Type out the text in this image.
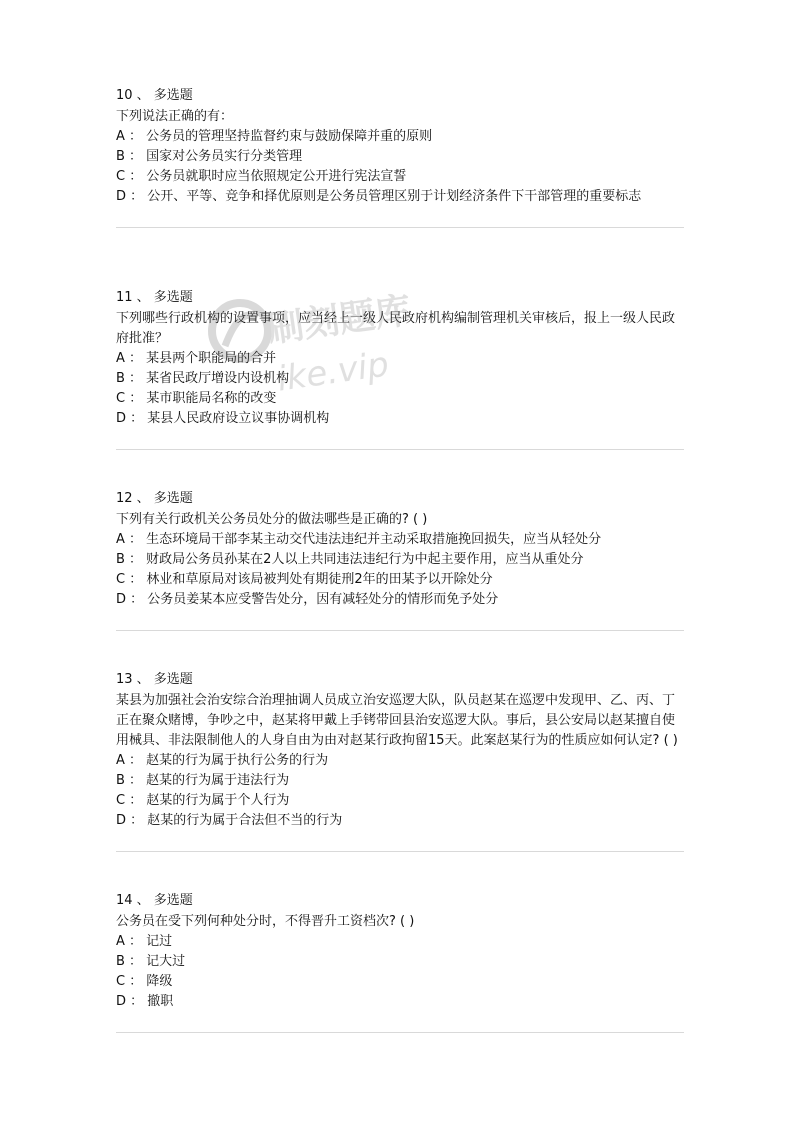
10 、 多选题
下列说法正确的有：
A ： 公务员的管理坚持监督约束与鼓励保障并重的原则
B ： 国家对公务员实行分类管理
C ： 公务员就职时应当依照规定公开进行宪法宣誓
D ： 公开、平等、竞争和择优原则是公务员管理区别于计划经济条件下干部管理的重要标志
11 、 多选题
下列哪些行政机构的设置事项，应当经上一级人民政府机构编制管理机关审核后，报上一级人民政府批准？
A ： 某县两个职能局的合并
B ： 某省民政厅增设内设机构
C ： 某市职能局名称的改变
D ： 某县人民政府设立议事协调机构
12 、 多选题
下列有关行政机关公务员处分的做法哪些是正确的? ( )
A ： 生态环境局干部李某主动交代违法违纪并主动采取措施挽回损失，应当从轻处分
B ： 财政局公务员孙某在2人以上共同违法违纪行为中起主要作用，应当从重处分
C ： 林业和草原局对该局被判处有期徒刑2年的田某予以开除处分
D ： 公务员姜某本应受警告处分，因有减轻处分的情形而免予处分
13 、 多选题
某县为加强社会治安综合治理抽调人员成立治安巡逻大队，队员赵某在巡逻中发现甲、乙、丙、丁正在聚众赌博，争吵之中，赵某将甲戴上手铐带回县治安巡逻大队。事后，县公安局以赵某擅自使用械具、非法限制他人的人身自由为由对赵某行政拘留15天。此案赵某行为的性质应如何认定? ( )
A ： 赵某的行为属于执行公务的行为
B ： 赵某的行为属于违法行为
C ： 赵某的行为属于个人行为
D ： 赵某的行为属于合法但不当的行为
14 、 多选题
公务员在受下列何种处分时，不得晋升工资档次? ( )
A ： 记过
B ： 记大过
C ： 降级
D ： 撤职
刷刻题库
ike.vip
